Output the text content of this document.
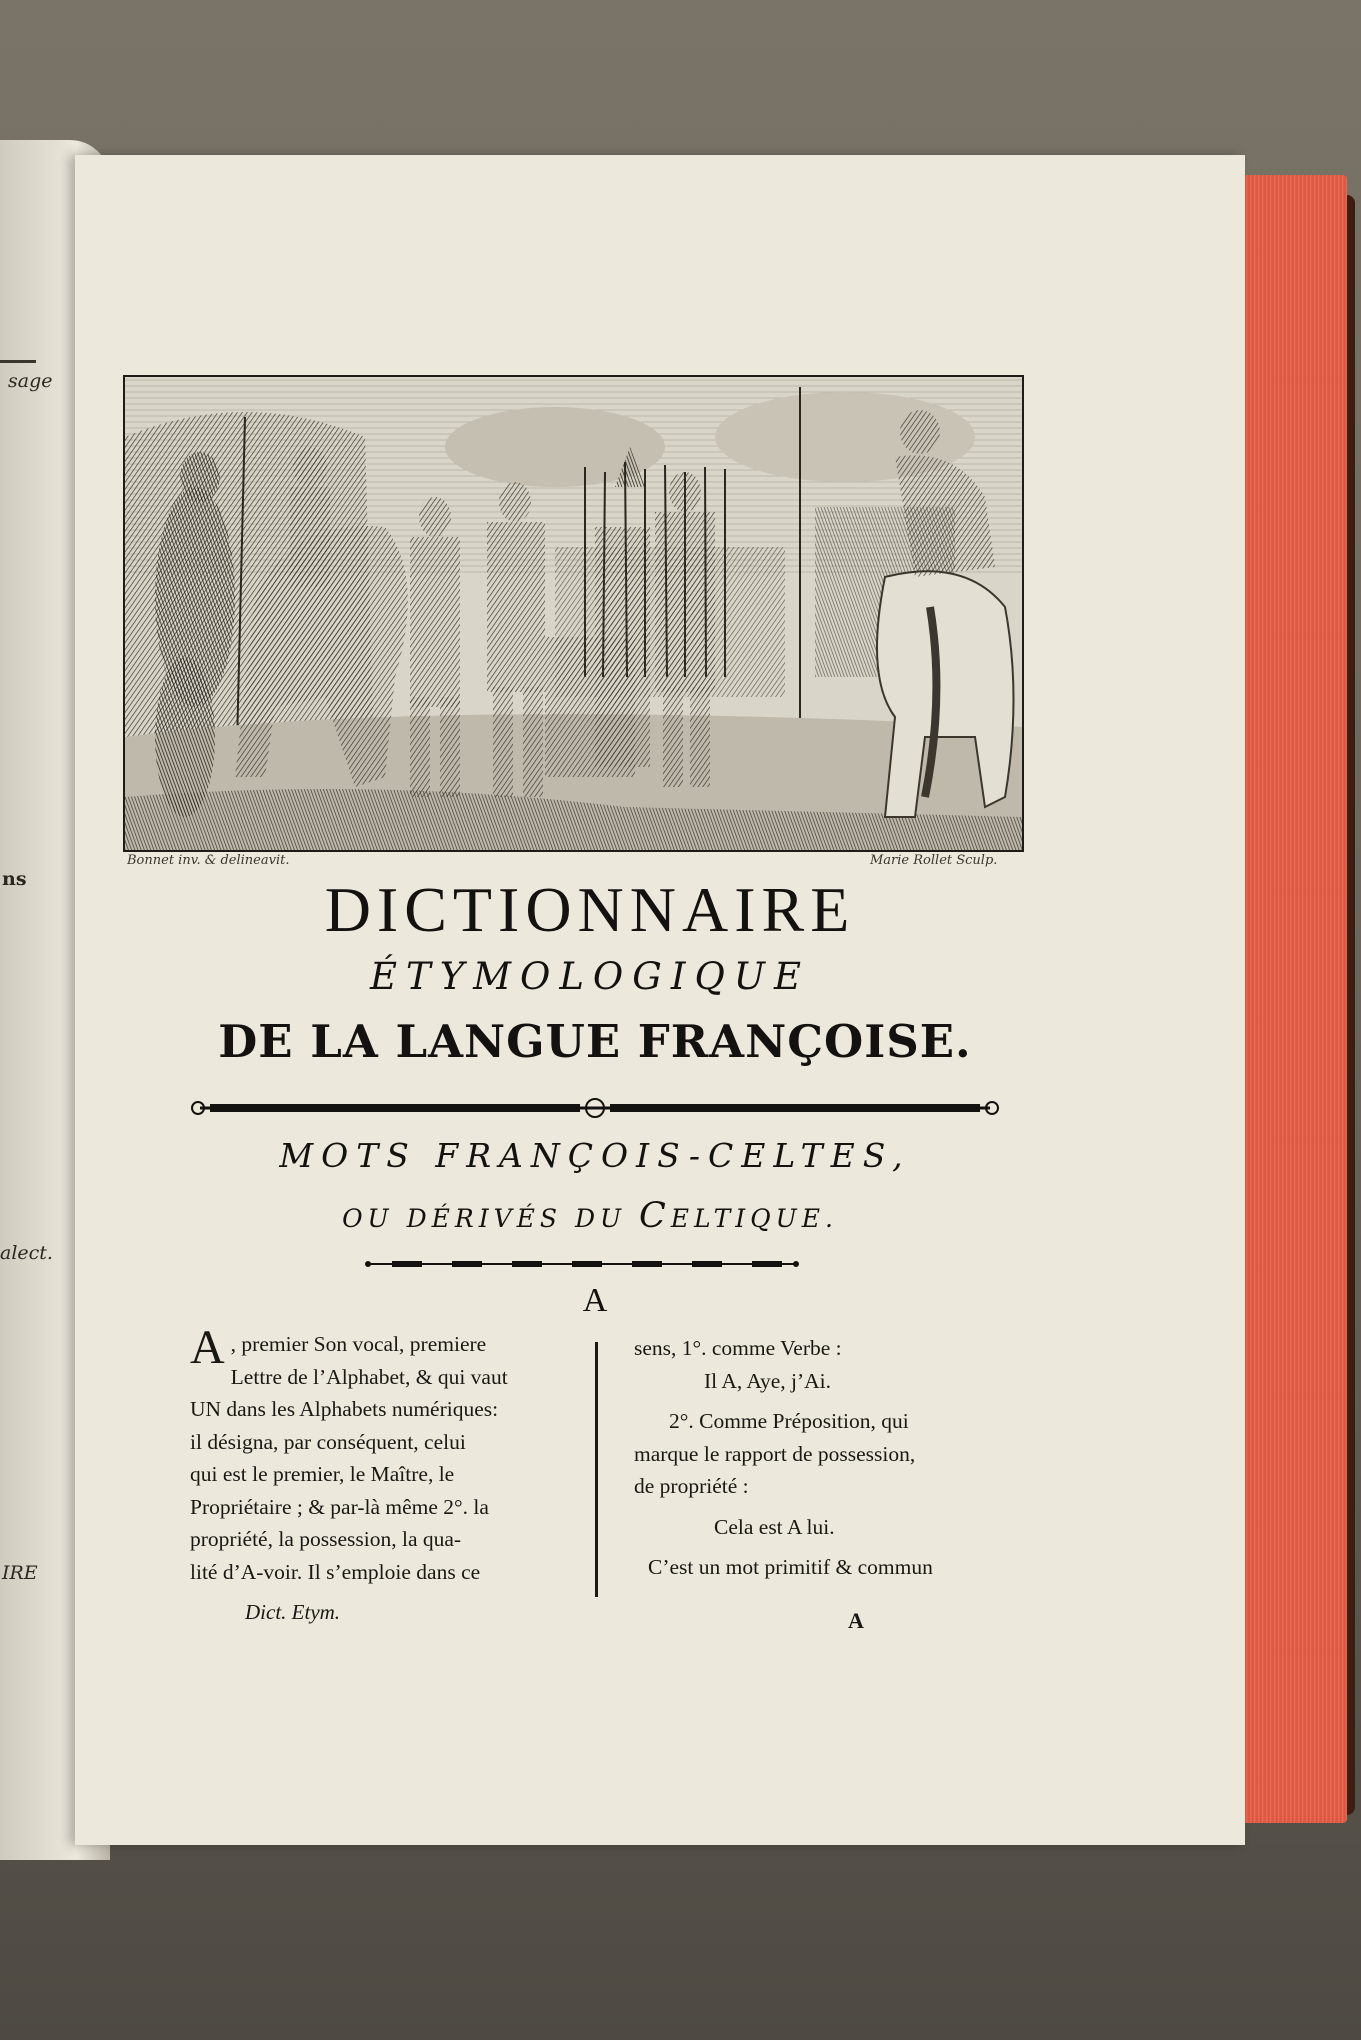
sage
ns
alect.
IRE
Bonnet inv. & delineavit.	Marie Rollet Sculp.
DICTIONNAIRE
ÉTYMOLOGIQUE
DE LA LANGUE FRANÇOISE.
MOTS FRANÇOIS-CELTES,
OU DÉRIVÉS DU CELTIQUE.
A
A , premier Son vocal, premiere

Lettre de l’Alphabet, & qui vaut

UN dans les Alphabets numériques:

il désigna, par conséquent, celui

qui est le premier, le Maître, le

Propriétaire ; & par-là même 2°. la

propriété, la possession, la qua-

lité d’A-voir. Il s’emploie dans ce

sens, 1°. comme Verbe :

Il A, Aye, j’Ai.

2°. Comme Préposition, qui

marque le rapport de possession,

de propriété :

Cela est A lui.

C’est un mot primitif & commun

Dict. Etym.	A
